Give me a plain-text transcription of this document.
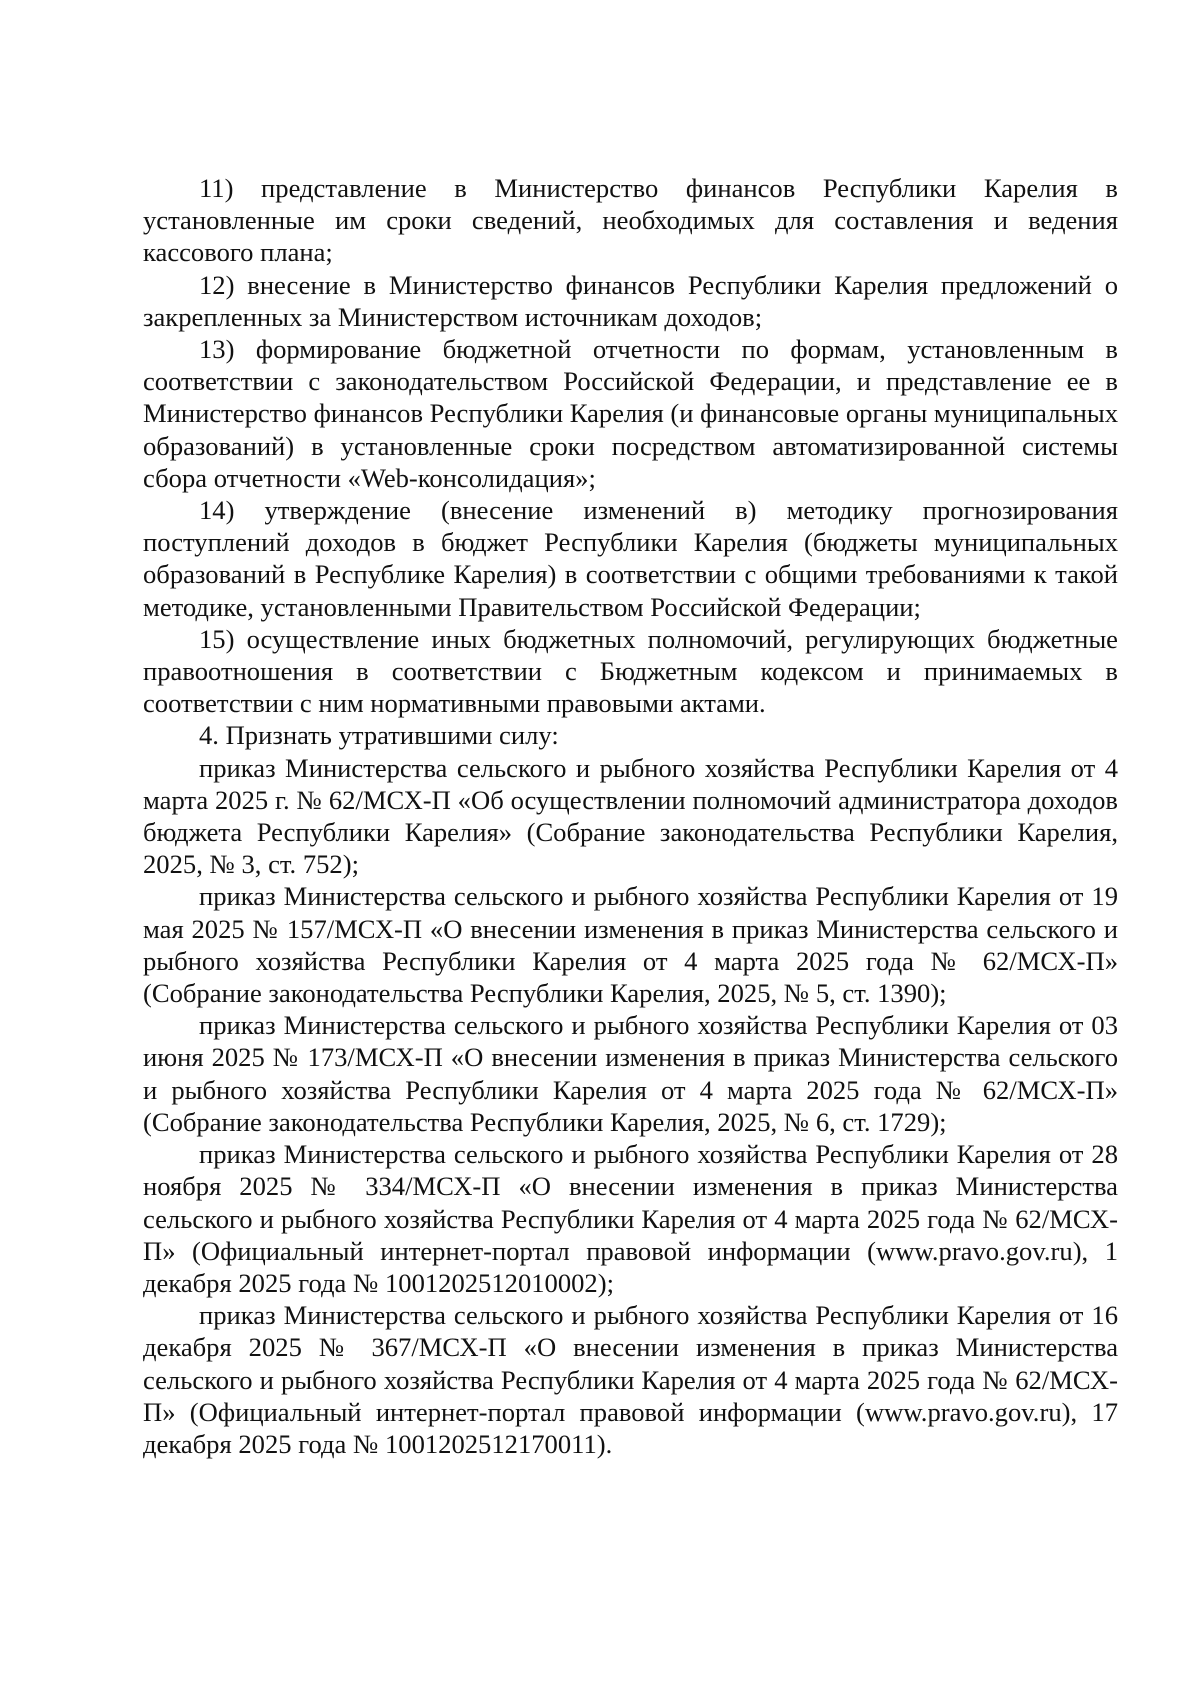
11) представление в Министерство финансов Республики Карелия в установленные им сроки сведений, необходимых для составления и ведения кассового плана;

12) внесение в Министерство финансов Республики Карелия предложений о закрепленных за Министерством источникам доходов;

13) формирование бюджетной отчетности по формам, установленным в соответствии с законодательством Российской Федерации, и представление ее в Министерство финансов Республики Карелия (и финансовые органы муниципальных образований) в установленные сроки посредством автоматизированной системы сбора отчетности «Web-консолидация»;

14) утверждение (внесение изменений в) методику прогнозирования поступлений доходов в бюджет Республики Карелия (бюджеты муниципальных образований в Республике Карелия) в соответствии с общими требованиями к такой методике, установленными Правительством Российской Федерации;

15) осуществление иных бюджетных полномочий, регулирующих бюджетные правоотношения в соответствии с Бюджетным кодексом и принимаемых в соответствии с ним нормативными правовыми актами.

4. Признать утратившими силу:

приказ Министерства сельского и рыбного хозяйства Республики Карелия от 4 марта 2025 г. № 62/МСХ-П «Об осуществлении полномочий администратора доходов бюджета Республики Карелия» (Собрание законодательства Республики Карелия, 2025, № 3, ст. 752);

приказ Министерства сельского и рыбного хозяйства Республики Карелия от 19 мая 2025 № 157/МСХ-П «О внесении изменения в приказ Министерства сельского и рыбного хозяйства Республики Карелия от 4 марта 2025 года № 62/МСХ-П» (Собрание законодательства Республики Карелия, 2025, № 5, ст. 1390);

приказ Министерства сельского и рыбного хозяйства Республики Карелия от 03 июня 2025 № 173/МСХ-П «О внесении изменения в приказ Министерства сельского и рыбного хозяйства Республики Карелия от 4 марта 2025 года № 62/МСХ-П» (Собрание законодательства Республики Карелия, 2025, № 6, ст. 1729);

приказ Министерства сельского и рыбного хозяйства Республики Карелия от 28 ноября 2025 № 334/МСХ-П «О внесении изменения в приказ Министерства сельского и рыбного хозяйства Республики Карелия от 4 марта 2025 года № 62/МСХ-П» (Официальный интернет-портал правовой информации (www.pravo.gov.ru), 1 декабря 2025 года № 1001202512010002);

приказ Министерства сельского и рыбного хозяйства Республики Карелия от 16 декабря 2025 № 367/МСХ-П «О внесении изменения в приказ Министерства сельского и рыбного хозяйства Республики Карелия от 4 марта 2025 года № 62/МСХ-П» (Официальный интернет-портал правовой информации (www.pravo.gov.ru), 17 декабря 2025 года № 1001202512170011).
